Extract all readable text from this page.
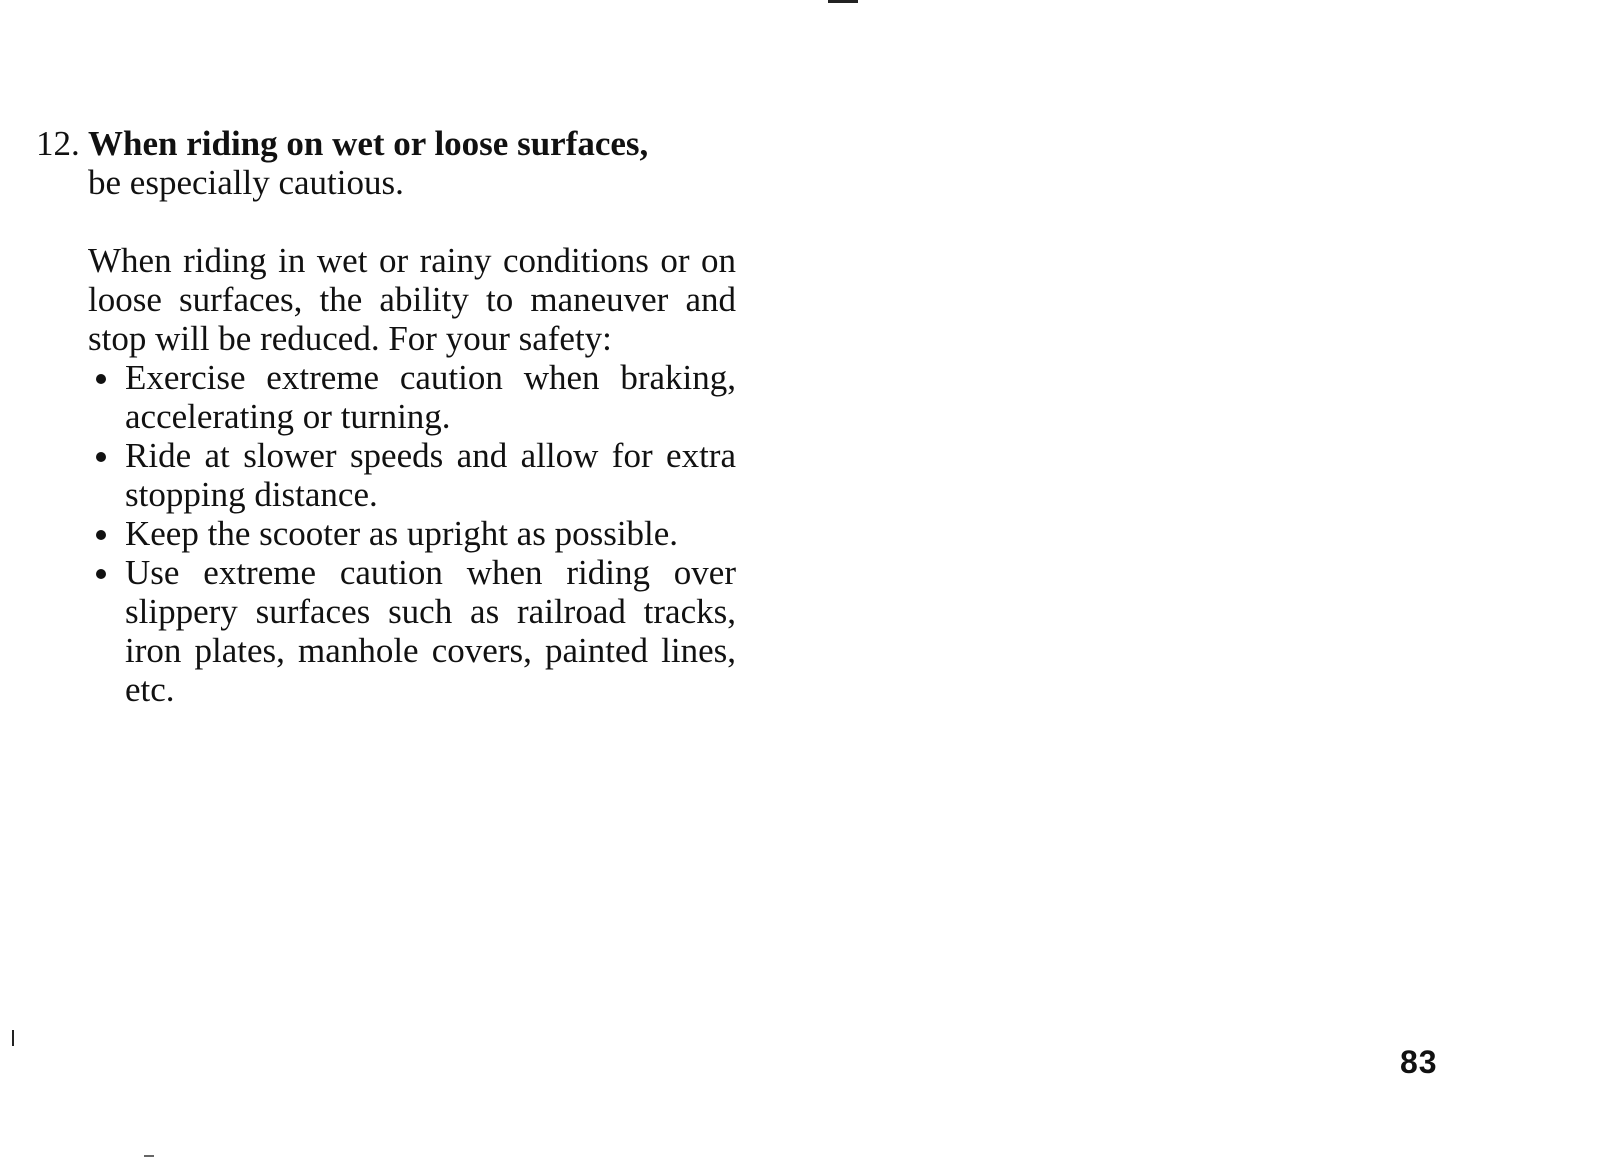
12. When riding on wet or loose surfaces,
be especially cautious.
When riding in wet or rainy conditions or on loose surfaces, the ability to maneuver and stop will be reduced. For your safety:
Exercise extreme caution when braking, accelerating or turning.
Ride at slower speeds and allow for extra stopping distance.
Keep the scooter as upright as possible.
Use extreme caution when riding over slippery surfaces such as railroad tracks, iron plates, manhole covers, painted lines, etc.
83
